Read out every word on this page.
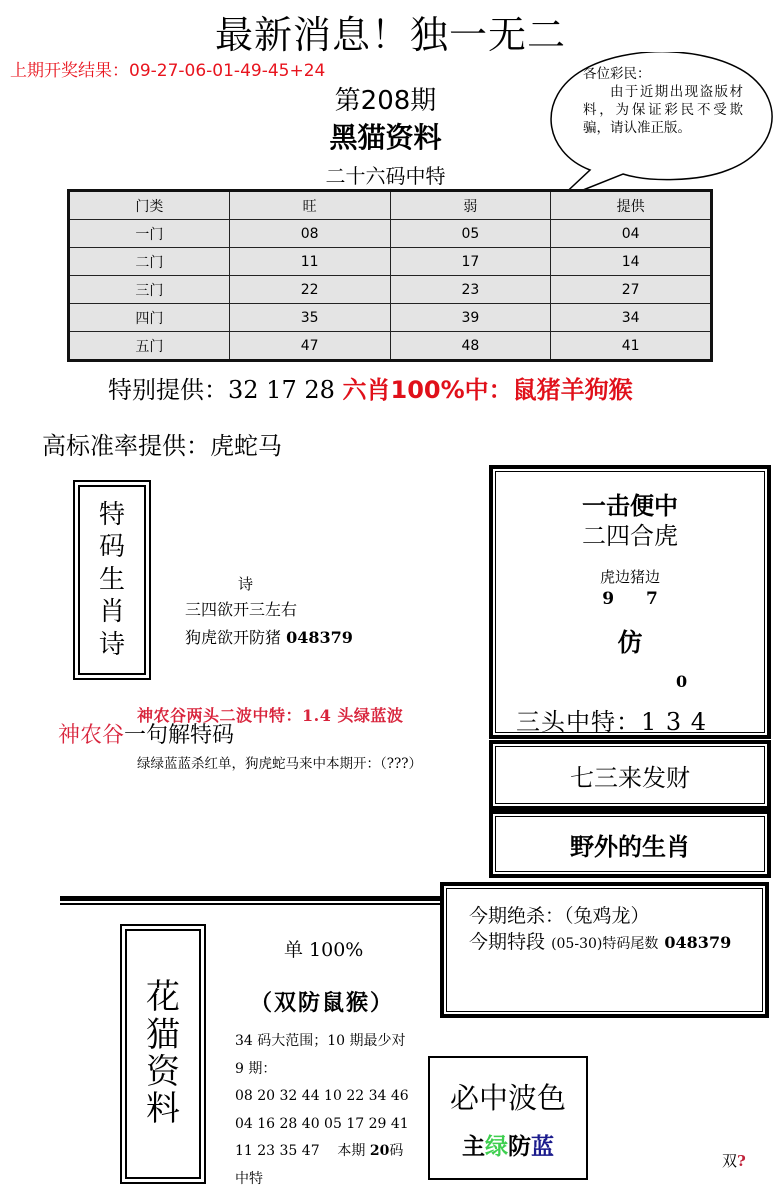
最新消息！独一无二
上期开奖结果：09-27-06-01-49-45+24	各位彩民：
由于近期出现盗版材料，为保证彩民不受欺骗，请认准正版。
第208期
黑猫资料
二十六码中特
门类	旺	弱	提供
一门	08	05	04
二门	11	17	14
三门	22	23	27
四门	35	39	34
五门	47	48	41
特别提供：32 17 28 六肖100%中：鼠猪羊狗猴
高标准率提供：虎蛇马
特
码
生
肖
诗
诗
三四欲开三左右
狗虎欲开防猪 048379
神农谷两头二波中特：1.4 头绿蓝波
神农谷一句解特码
绿绿蓝蓝杀红单，狗虎蛇马来中本期开：（???）
一击便中
二四合虎
虎边猪边
9 7
仿
0
三头中特：1 3 4
七三来发财
野外的生肖
今期绝杀：（兔鸡龙）
今期特段 (05-30)特码尾数 048379
花
猫
资
料
单 100%
（双防鼠猴）
34 码大范围；10 期最少对
9 期：
08 20 32 44 10 22 34 46
04 16 28 40 05 17 29 41
11 23 35 47 本期 20码
中特
必中波色
主绿防蓝
双?
